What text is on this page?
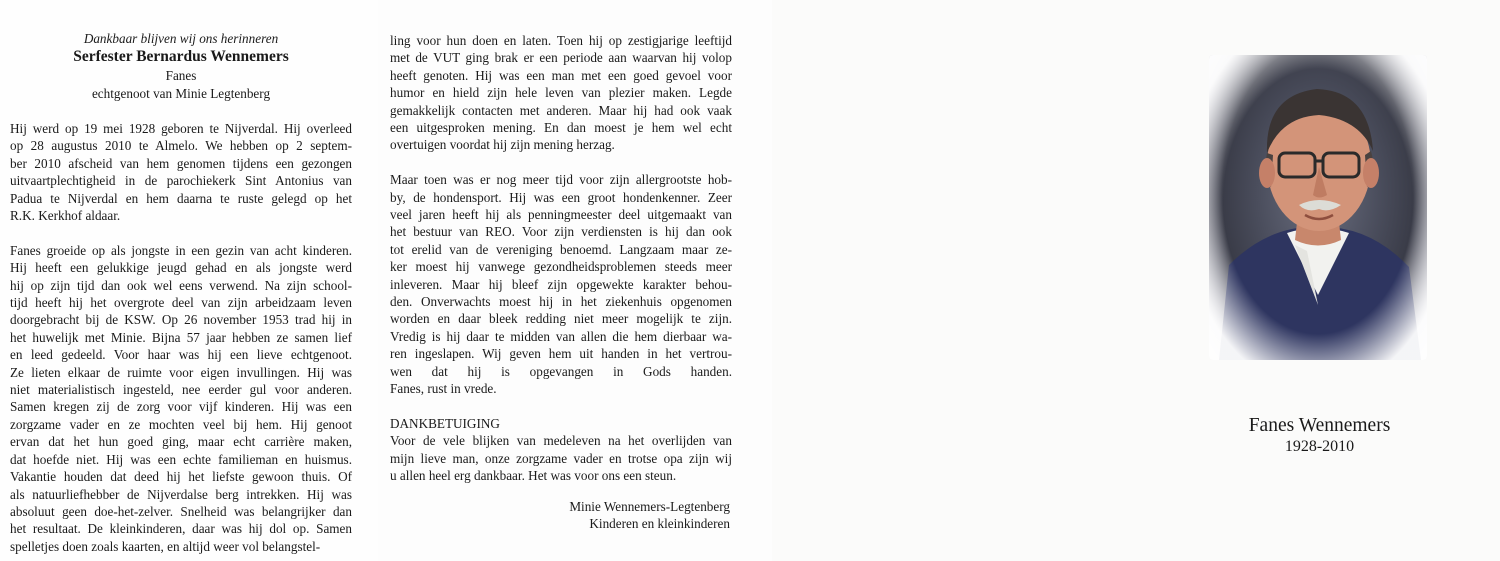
Dankbaar blijven wij ons herinneren
Serfester Bernardus Wennemers
Fanes
echtgenoot van Minie Legtenberg
Hij werd op 19 mei 1928 geboren te Nijverdal. Hij overleed
op 28 augustus 2010 te Almelo. We hebben op 2 septem-
ber 2010 afscheid van hem genomen tijdens een gezongen
uitvaartplechtigheid in de parochiekerk Sint Antonius van
Padua te Nijverdal en hem daarna te ruste gelegd op het
R.K. Kerkhof aldaar.
Fanes groeide op als jongste in een gezin van acht kinderen.
Hij heeft een gelukkige jeugd gehad en als jongste werd
hij op zijn tijd dan ook wel eens verwend. Na zijn school-
tijd heeft hij het overgrote deel van zijn arbeidzaam leven
doorgebracht bij de KSW. Op 26 november 1953 trad hij in
het huwelijk met Minie. Bijna 57 jaar hebben ze samen lief
en leed gedeeld. Voor haar was hij een lieve echtgenoot.
Ze lieten elkaar de ruimte voor eigen invullingen. Hij was
niet materialistisch ingesteld, nee eerder gul voor anderen.
Samen kregen zij de zorg voor vijf kinderen. Hij was een
zorgzame vader en ze mochten veel bij hem. Hij genoot
ervan dat het hun goed ging, maar echt carrière maken,
dat hoefde niet. Hij was een echte familieman en huismus.
Vakantie houden dat deed hij het liefste gewoon thuis. Of
als natuurliefhebber de Nijverdalse berg intrekken. Hij was
absoluut geen doe-het-zelver. Snelheid was belangrijker dan
het resultaat. De kleinkinderen, daar was hij dol op. Samen
spelletjes doen zoals kaarten, en altijd weer vol belangstel-
ling voor hun doen en laten. Toen hij op zestigjarige leeftijd
met de VUT ging brak er een periode aan waarvan hij volop
heeft genoten. Hij was een man met een goed gevoel voor
humor en hield zijn hele leven van plezier maken. Legde
gemakkelijk contacten met anderen. Maar hij had ook vaak
een uitgesproken mening. En dan moest je hem wel echt
overtuigen voordat hij zijn mening herzag.
Maar toen was er nog meer tijd voor zijn allergrootste hob-
by, de hondensport. Hij was een groot hondenkenner. Zeer
veel jaren heeft hij als penningmeester deel uitgemaakt van
het bestuur van REO. Voor zijn verdiensten is hij dan ook
tot erelid van de vereniging benoemd. Langzaam maar ze-
ker moest hij vanwege gezondheidsproblemen steeds meer
inleveren. Maar hij bleef zijn opgewekte karakter behou-
den. Onverwachts moest hij in het ziekenhuis opgenomen
worden en daar bleek redding niet meer mogelijk te zijn.
Vredig is hij daar te midden van allen die hem dierbaar wa-
ren ingeslapen. Wij geven hem uit handen in het vertrou-
wen dat hij is opgevangen in Gods handen.
Fanes, rust in vrede.
DANKBETUIGING
Voor de vele blijken van medeleven na het overlijden van
mijn lieve man, onze zorgzame vader en trotse opa zijn wij
u allen heel erg dankbaar. Het was voor ons een steun.
Minie Wennemers-Legtenberg
Kinderen en kleinkinderen
Fanes Wennemers
1928-2010
